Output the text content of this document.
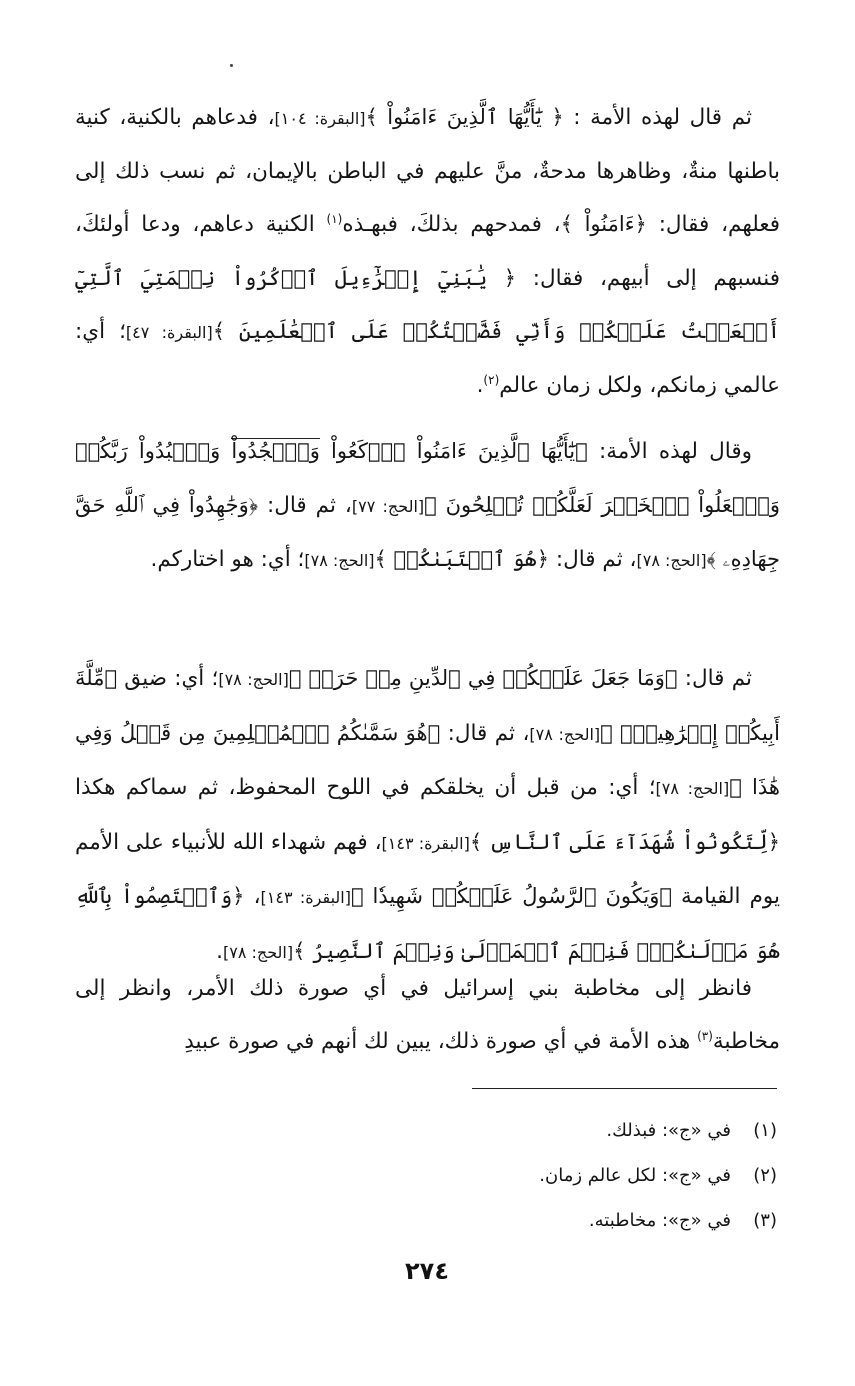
ثم قال لهذه الأمة : ﴿ يَٰٓأَيُّهَا ٱلَّذِينَ ءَامَنُواْ ﴾[البقرة: ١٠٤]، فدعاهم بالكنية، كنية باطنها منةٌ، وظاهرها مدحةٌ، منَّ عليهم في الباطن بالإيمان، ثم نسب ذلك إلى فعلهم، فقال: ﴿ءَامَنُواْ ﴾، فمدحهم بذلكَ، فبهـذه$^{(١)}$ الكنية دعاهم، ودعا أولئكَ، فنسبهم إلى أبيهم، فقال: ﴿ يَٰبَنِيٓ إِسۡرَٰٓءِيلَ ٱذۡكُرُواْ نِعۡمَتِيَ ٱلَّتِيٓ أَنۡعَمۡتُ عَلَيۡكُمۡ وَأَنِّي فَضَّلۡتُكُمۡ عَلَى ٱلۡعَٰلَمِينَ ﴾[البقرة: ٤٧]؛ أي: عالمي زمانكم، ولكل زمان عالم$^{(٢)}$.

وقال لهذه الأمة: ﴿يَٰٓأَيُّهَا ٱلَّذِينَ ءَامَنُواْ ٱرۡكَعُواْ وَٱسۡجُدُواْ وَٱعۡبُدُواْ رَبَّكُمۡ وَٱفۡعَلُواْ ٱلۡخَيۡرَ لَعَلَّكُمۡ تُفۡلِحُونَ ﴾[الحج: ٧٧]، ثم قال: ﴿وَجَٰهِدُواْ فِي ٱللَّهِ حَقَّ جِهَادِهِۦ ﴾[الحج: ٧٨]، ثم قال: ﴿هُوَ ٱجۡتَبَىٰكُمۡ ﴾[الحج: ٧٨]؛ أي: هو اختاركم.

ثم قال: ﴿وَمَا جَعَلَ عَلَيۡكُمۡ فِي ٱلدِّينِ مِنۡ حَرَجٖ ﴾[الحج: ٧٨]؛ أي: ضيق ﴿مِّلَّةَ أَبِيكُمۡ إِبۡرَٰهِيمَۚ ﴾[الحج: ٧٨]، ثم قال: ﴿هُوَ سَمَّىٰكُمُ ٱلۡمُسۡلِمِينَ مِن قَبۡلُ وَفِي هَٰذَا ﴾[الحج: ٧٨]؛ أي: من قبل أن يخلقكم في اللوح المحفوظ، ثم سماكم هكذا ﴿لِّتَكُونُواْ شُهَدَآءَ عَلَى ٱلنَّاسِ ﴾[البقرة: ١٤٣]، فهم شهداء الله للأنبياء على الأمم يوم القيامة ﴿وَيَكُونَ ٱلرَّسُولُ عَلَيۡكُمۡ شَهِيدٗا ﴾[البقرة: ١٤٣]، ﴿وَٱعۡتَصِمُواْ بِٱللَّهِ هُوَ مَوۡلَىٰكُمۡۖ فَنِعۡمَ ٱلۡمَوۡلَىٰ وَنِعۡمَ ٱلنَّصِيرُ ﴾[الحج: ٧٨].

فانظر إلى مخاطبة بني إسرائيل في أي صورة ذلك الأمر، وانظر إلى مخاطبة$^{(٣)}$ هذه الأمة في أي صورة ذلك، يبين لك أنهم في صورة عبيدِ

(١)في «ج»: فبذلك.
(٢)في «ج»: لكل عالم زمان.
(٣)في «ج»: مخاطبته.
٢٧٤
